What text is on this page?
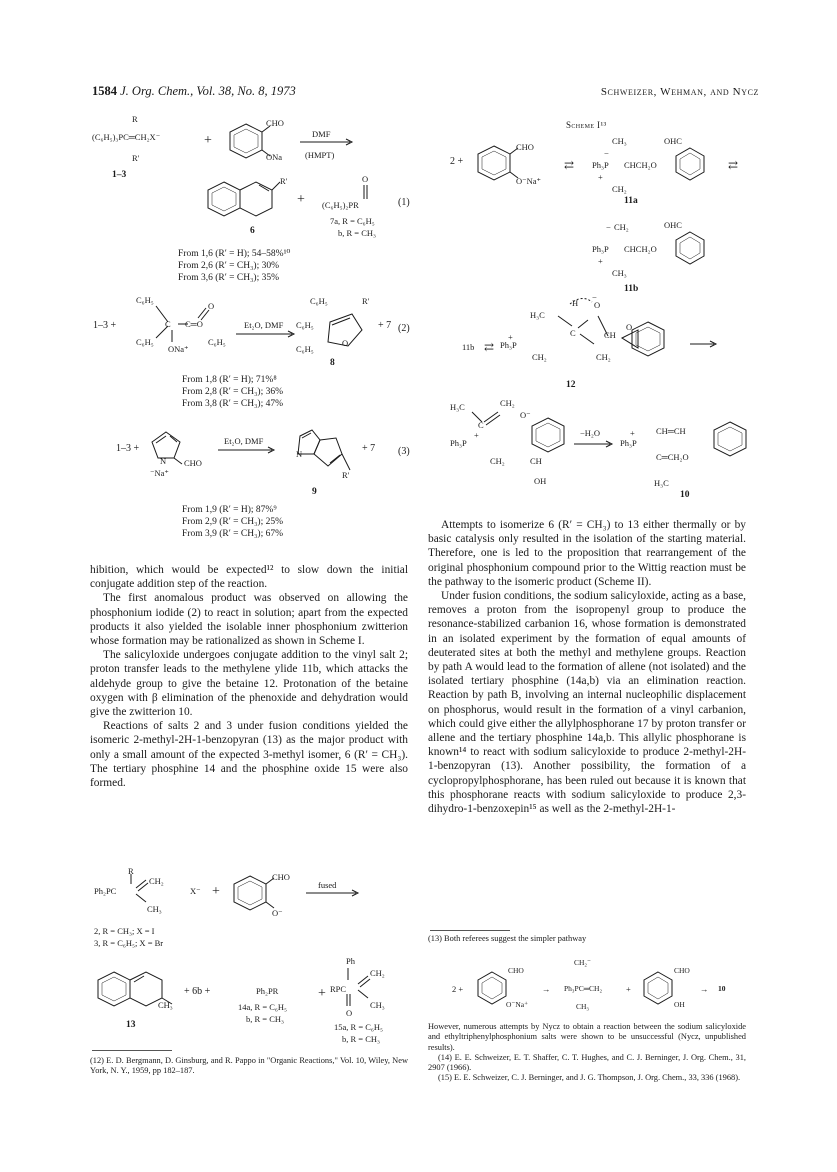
1584 J. Org. Chem., Vol. 38, No. 8, 1973	Schweizer, Wehman, and Nycz
R
(C₆H₅)₃PC═CH₂X⁻
R′
1–3
+
CHO
ONa
DMF
(HMPT)
R′
6
+
O
(C₆H₅)₂PR
7a, R = C₆H₅
b, R = CH₃
(1)
From 1,6 (R′ = H); 54–58%¹⁰
From 2,6 (R′ = CH₃); 30%
From 3,6 (R′ = CH₃); 35%
1–3 +
C₆H₅
C₆H₅
C C═O
O
ONa⁺
C₆H₅
Et₂O, DMF
C₆H₅	R′
C₆H₅
C₆H₅
O
+ 7 (2)
8
From 1,8 (R′ = H); 71%⁸
From 2,8 (R′ = CH₃); 36%
From 3,8 (R′ = CH₃); 47%
1–3 +
N
⁻Na⁺
CHO
Et₂O, DMF
N
R′
+ 7 (3)
9
From 1,9 (R′ = H); 87%⁹
From 2,9 (R′ = CH₃); 25%
From 3,9 (R′ = CH₃); 67%

hibition, which would be expected¹² to slow down the initial conjugate addition step of the reaction.

The first anomalous product was observed on allowing the phosphonium iodide (2) to react in solution; apart from the expected products it also yielded the isolable inner phosphonium zwitterion whose formation may be rationalized as shown in Scheme I.

The salicyloxide undergoes conjugate addition to the vinyl salt 2; proton transfer leads to the methylene ylide 11b, which attacks the aldehyde group to give the betaine 12. Protonation of the betaine oxygen with β elimination of the phenoxide and dehydration would give the zwitterion 10.

Reactions of salts 2 and 3 under fusion conditions yielded the isomeric 2-methyl-2H-1-benzopyran (13) as the major product with only a small amount of the expected 3-methyl isomer, 6 (R′ = CH₃). The tertiary phosphine 14 and the phosphine oxide 15 were also formed.

R
Ph₂PC
CH₂
CH₃
X⁻ +
CHO
O⁻
fused
2, R = CH₃; X = I
3, R = C₆H₅; X = Br
CH₃
13
+ 6b +	Ph₂PR
14a, R = C₆H₅
b, R = CH₃
+
Ph
RPC
CH₂
CH₃
O
15a, R = C₆H₅
b, R = CH₃

(12) E. D. Bergmann, D. Ginsburg, and R. Pappo in "Organic Reactions," Vol. 10, Wiley, New York, N. Y., 1959, pp 182–187.

Scheme I¹³
2 +
CHO
O⁻Na⁺
⇄
CH₃
−
Ph₃P
+
CHCH₂O
CH₂
OHC
11a
⇄
CH₂
−
Ph₃P
+
CHCH₂O
CH₃
OHC
11b
11b ⇄
H₃C
H O
−
C
Ph₃P
+	CH
CH₂	CH₂
O
12
H₃C	CH₂
C
Ph₃P
+
CH₂	CH
OH
O⁻
−H₂O
Ph₃P
+ CH═CH
C═CH₂O
H₃C
10

Attempts to isomerize 6 (R′ = CH₃) to 13 either thermally or by basic catalysis only resulted in the isolation of the starting material. Therefore, one is led to the proposition that rearrangement of the original phosphonium compound prior to the Wittig reaction must be the pathway to the isomeric product (Scheme II).

Under fusion conditions, the sodium salicyloxide, acting as a base, removes a proton from the isopropenyl group to produce the resonance-stabilized carbanion 16, whose formation is demonstrated in an isolated experiment by the formation of equal amounts of deuterated sites at both the methyl and methylene groups. Reaction by path A would lead to the formation of allene (not isolated) and the isolated tertiary phosphine (14a,b) via an elimination reaction. Reaction by path B, involving an internal nucleophilic displacement on phosphorus, would result in the formation of a vinyl carbanion, which could give either the allylphosphorane 17 by proton transfer or allene and the tertiary phosphine 14a,b. This allylic phosphorane is known¹⁴ to react with sodium salicyloxide to produce 2-methyl-2H-1-benzopyran (13). Another possibility, the formation of a cyclopropylphosphorane, has been ruled out because it is known that this phosphorane reacts with sodium salicyloxide to produce 2,3-dihydro-1-benzoxepin¹⁵ as well as the 2-methyl-2H-1-

(13) Both referees suggest the simpler pathway

2 +
CHO
O⁻Na⁺
→
CH₂⁻
Ph₃PC═CH₂
CH₃
+
CHO
OH
→ 10

However, numerous attempts by Nycz to obtain a reaction between the sodium salicyloxide and ethyltriphenylphosphonium salts were shown to be unsuccessful (Nycz, unpublished results).

(14) E. E. Schweizer, E. T. Shaffer, C. T. Hughes, and C. J. Berninger, J. Org. Chem., 31, 2907 (1966).

(15) E. E. Schweizer, C. J. Berninger, and J. G. Thompson, J. Org. Chem., 33, 336 (1968).
